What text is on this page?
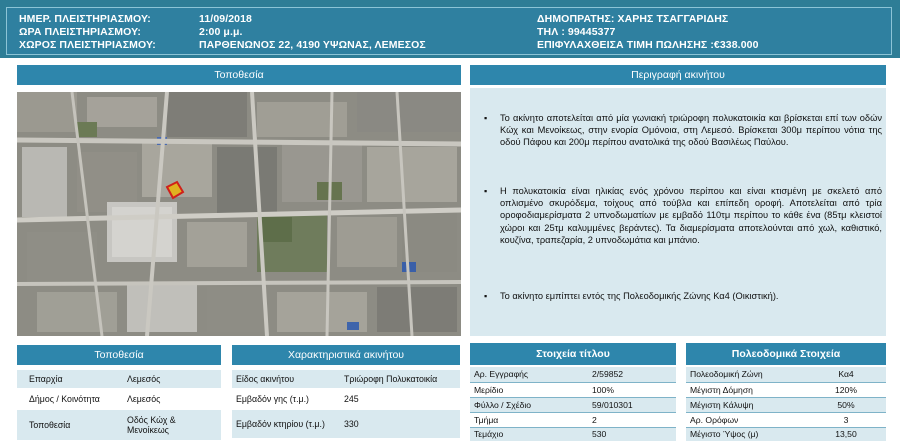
ΗΜΕΡ. ΠΛΕΙΣΤΗΡΙΑΣΜΟΥ:	11/09/2018
ΩΡΑ ΠΛΕΙΣΤΗΡΙΑΣΜΟΥ:	2:00 μ.μ.
ΧΩΡΟΣ ΠΛΕΙΣΤΗΡΙΑΣΜΟΥ:	ΠΑΡΘΕΝΩΝΟΣ 22, 4190 ΥΨΩΝΑΣ, ΛΕΜΕΣΟΣ
ΔΗΜΟΠΡΑΤΗΣ: ΧΑΡΗΣ ΤΣΑΓΓΑΡΙΔΗΣ
ΤΗΛ : 99445377
ΕΠΙΦΥΛΑΧΘΕΙΣΑ ΤΙΜΗ ΠΩΛΗΣΗΣ :€338.000
Τοποθεσία	Περιγραφή ακινήτου
▪ Το ακίνητο αποτελείται από μία γωνιακή τριώροφη πολυκατοικία και βρίσκεται επί των οδών Κώχ και Μενοίκεως, στην ενορία Ομόνοια, στη Λεμεσό. Βρίσκεται 300μ περίπου νότια της οδού Πάφου και 200μ περίπου ανατολικά της οδού Βασιλέως Παύλου.
▪ Η πολυκατοικία είναι ηλικίας ενός χρόνου περίπου και είναι κτισμένη με σκελετό από οπλισμένο σκυρόδεμα, τοίχους από τούβλα και επίπεδη οροφή. Αποτελείται από τρία οροφοδιαμερίσματα 2 υπνοδωματίων με εμβαδό 110τμ περίπου το κάθε ένα (85τμ κλειστοί χώροι και 25τμ καλυμμένες βεράντες). Τα διαμερίσματα αποτελούνται από χωλ, καθιστικό, κουζίνα, τραπεζαρία, 2 υπνοδωμάτια και μπάνιο.
▪ Το ακίνητο εμπίπτει εντός της Πολεοδομικής Ζώνης Κα4 (Οικιστική).
Τοποθεσία	Χαρακτηριστικά ακινήτου	Στοιχεία τίτλου	Πολεοδομικά Στοιχεία
Επαρχία	Λεμεσός
Δήμος / Κοινότητα	Λεμεσός
Τοποθεσία	Οδός Κώχ & Μενοίκεως
Είδος ακινήτου	Τριώροφη Πολυκατοικία
Εμβαδόν γης (τ.μ.)	245
Εμβαδόν κτηρίου (τ.μ.)	330
Αρ. Εγγραφής	2/59852
Μερίδιο	100%
Φύλλο / Σχέδιο	59/010301
Τμήμα	2
Τεμάχιο	530
Πολεοδομική Ζώνη	Κα4
Μέγιστη Δόμηση	120%
Μέγιστη Κάλυψη	50%
Αρ. Ορόφων	3
Μέγιστο Ύψος (μ)	13,50
